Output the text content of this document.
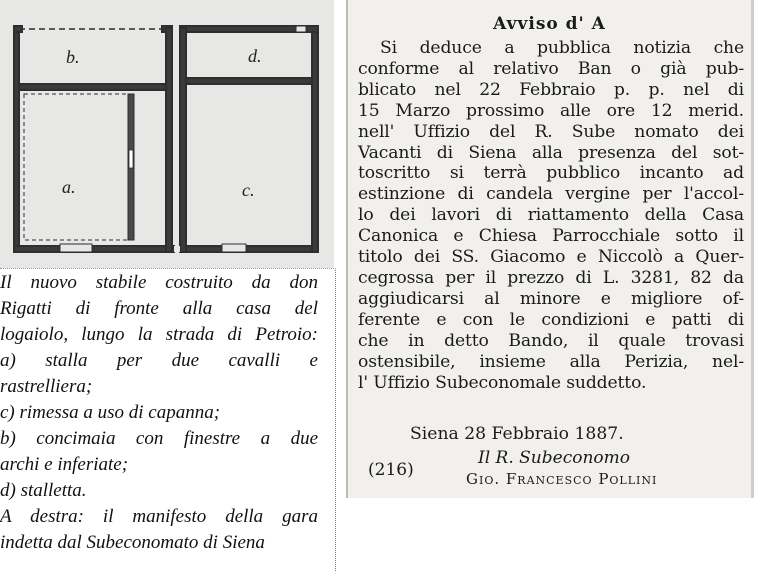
b.	d.
a.	c.
Il nuovo stabile costruito da don
Rigatti di fronte alla casa del
logaiolo, lungo la strada di Petroio:
a) stalla per due cavalli e
rastrelliera;
c) rimessa a uso di capanna;
b) concimaia con finestre a due
archi e inferiate;
d) stalletta.
A destra: il manifesto della gara
indetta dal Subeconomato di Siena
Avviso d' A
Si deduce a pubblica notizia che
conforme al relativo Ban o già pub-
blicato nel 22 Febbraio p. p. nel di
15 Marzo prossimo alle ore 12 merid.
nell' Uffizio del R. Sube nomato dei
Vacanti di Siena alla presenza del sot-
toscritto si terrà pubblico incanto ad
estinzione di candela vergine per l'accol-
lo dei lavori di riattamento della Casa
Canonica e Chiesa Parrocchiale sotto il
titolo dei SS. Giacomo e Niccolò a Quer-
cegrossa per il prezzo di L. 3281, 82 da
aggiudicarsi al minore e migliore of-
ferente e con le condizioni e patti di
che in detto Bando, il quale trovasi
ostensibile, insieme alla Perizia, nel-
l' Uffizio Subeconomale suddetto.
Siena 28 Febbraio 1887.
Il R. Subeconomo
(216)	Gio. Francesco Pollini
